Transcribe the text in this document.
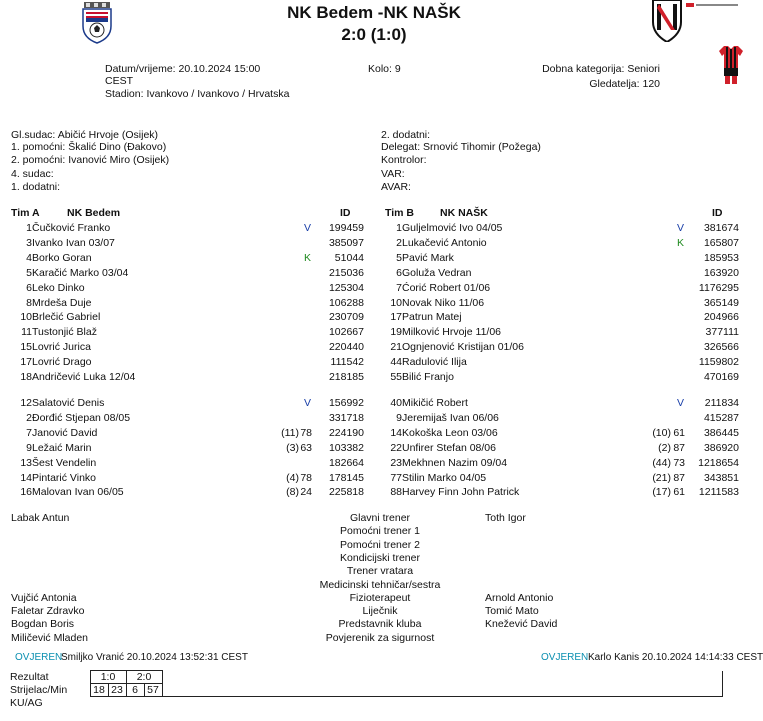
NK Bedem -NK NAŠK
2:0 (1:0)
Datum/vrijeme: 20.10.2024 15:00
CEST
Stadion: Ivankovo / Ivankovo / Hrvatska
Kolo: 9	Dobna kategorija: Seniori
Gledatelja: 120
Gl.sudac: Abičić Hrvoje (Osijek)
1. pomoćni: Škalić Dino (Đakovo)
2. pomoćni: Ivanović Miro (Osijek)
4. sudac:
1. dodatni:
2. dodatni:
Delegat: Srnović Tihomir (Požega)
Kontrolor:
VAR:
AVAR:
Tim A	NK Bedem	ID	Tim B NK NAŠK	ID
1 Čučković Franko	V	199459
3 Ivanko Ivan 03/07	385097
4 Borko Goran	K	51044
5 Karačić Marko 03/04	215036
6 Leko Dinko	125304
8 Mrdeša Duje	106288
10 Brlečić Gabriel	230709
11 Tustonjić Blaž	102667
15 Lovrić Jurica	220440
17 Lovrić Drago	111542
18 Andričević Luka 12/04	218185
12 Salatović Denis	V	156992
2 Đorđić Stjepan 08/05	331718
7 Janović David	(11) 78	224190
9 Ležaić Marin	(3) 63	103382
13 Šest Vendelin	182664
14 Pintarić Vinko	(4) 78	178145
16 Malovan Ivan 06/05	(8) 24	225818
1 Guljelmović Ivo 04/05	V	381674
2 Lukačević Antonio	K	165807
5 Pavić Mark	185953
6 Goluža Vedran	163920
7 Ćorić Robert 01/06	1176295
10 Novak Niko 11/06	365149
17 Patrun Matej	204966
19 Milković Hrvoje 11/06	377111
21 Ognjenović Kristijan 01/06	326566
44 Radulović Ilija	1159802
55 Bilić Franjo	470169
40 Mikičić Robert	V	211834
9 Jeremijaš Ivan 06/06	415287
14 Kokoška Leon 03/06	(10) 61	386445
22 Unfirer Stefan 08/06	(2) 87	386920
23 Mekhnen Nazim 09/04	(44) 73	1218654
77 Stilin Marko 04/05	(21) 87	343851
88 Harvey Finn John Patrick	(17) 61	1211583
Labak Antun	Glavni trener	Toth Igor
Pomoćni trener 1
Pomoćni trener 2
Kondicijski trener
Trener vratara
Medicinski tehničar/sestra
Vujčić Antonia	Fizioterapeut	Arnold Antonio
Faletar Zdravko	Liječnik	Tomić Mato
Bogdan Boris	Predstavnik kluba	Knežević David
Miličević Mladen	Povjerenik za sigurnost
OVJEREN
Smiljko Vranić 20.10.2024 13:52:31 CEST	OVJEREN Karlo Kanis 20.10.2024 14:14:33 CEST
Rezultat	1:0		2:0		
Strijelac/Min	18	23	6	57	
KU/AG					
